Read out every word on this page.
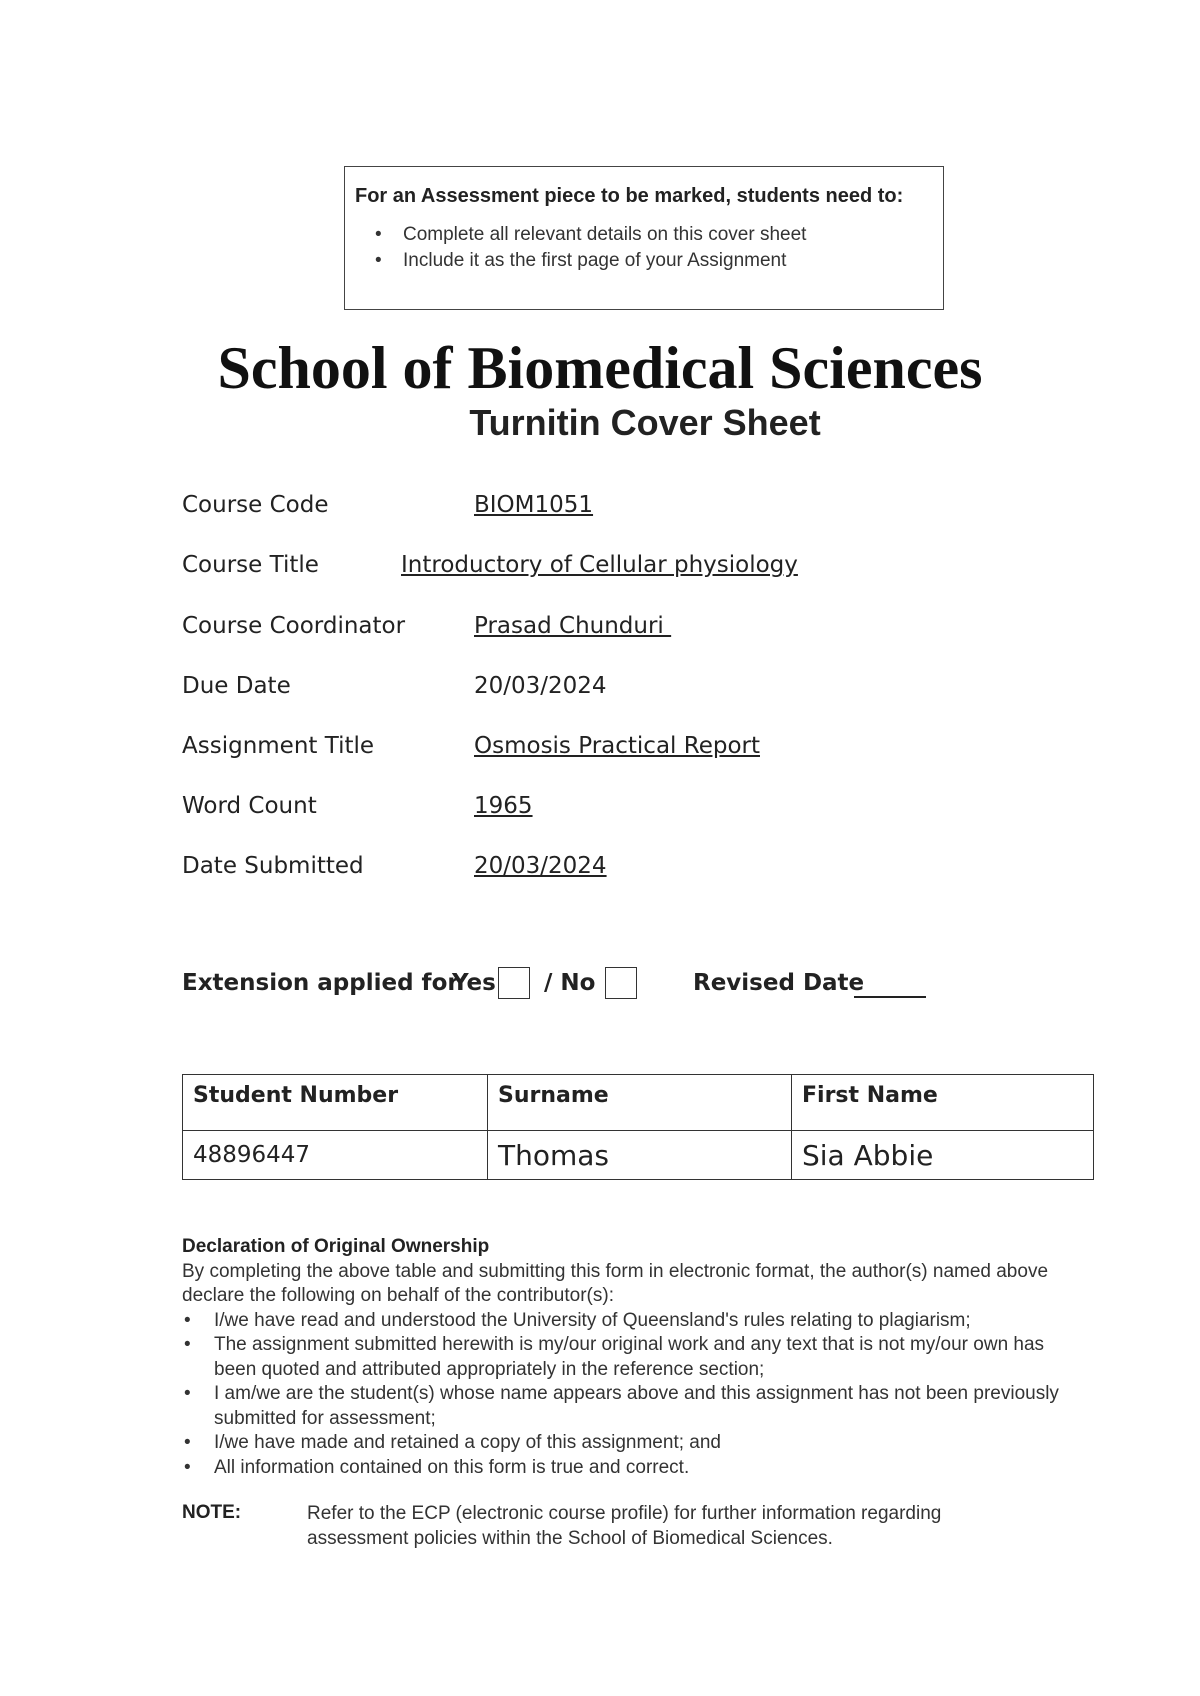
For an Assessment piece to be marked, students need to:
• Complete all relevant details on this cover sheet
• Include it as the first page of your Assignment
School of Biomedical Sciences
Turnitin Cover Sheet
Course Code	BIOM1051
Course Title	Introductory of Cellular physiology
Course Coordinator	Prasad Chunduri
Due Date	20/03/2024
Assignment Title	Osmosis Practical Report
Word Count	1965
Date Submitted	20/03/2024
Extension applied for
Yes / No	Revised Date
Student Number	Surname	First Name
48896447	Thomas	Sia Abbie
Declaration of Original Ownership
By completing the above table and submitting this form in electronic format, the author(s) named above declare the following on behalf of the contributor(s):
• I/we have read and understood the University of Queensland's rules relating to plagiarism;
• The assignment submitted herewith is my/our original work and any text that is not my/our own has been quoted and attributed appropriately in the reference section;
• I am/we are the student(s) whose name appears above and this assignment has not been previously submitted for assessment;
• I/we have made and retained a copy of this assignment; and
• All information contained on this form is true and correct.
NOTE:	Refer to the ECP (electronic course profile) for further information regarding assessment policies within the School of Biomedical Sciences.
